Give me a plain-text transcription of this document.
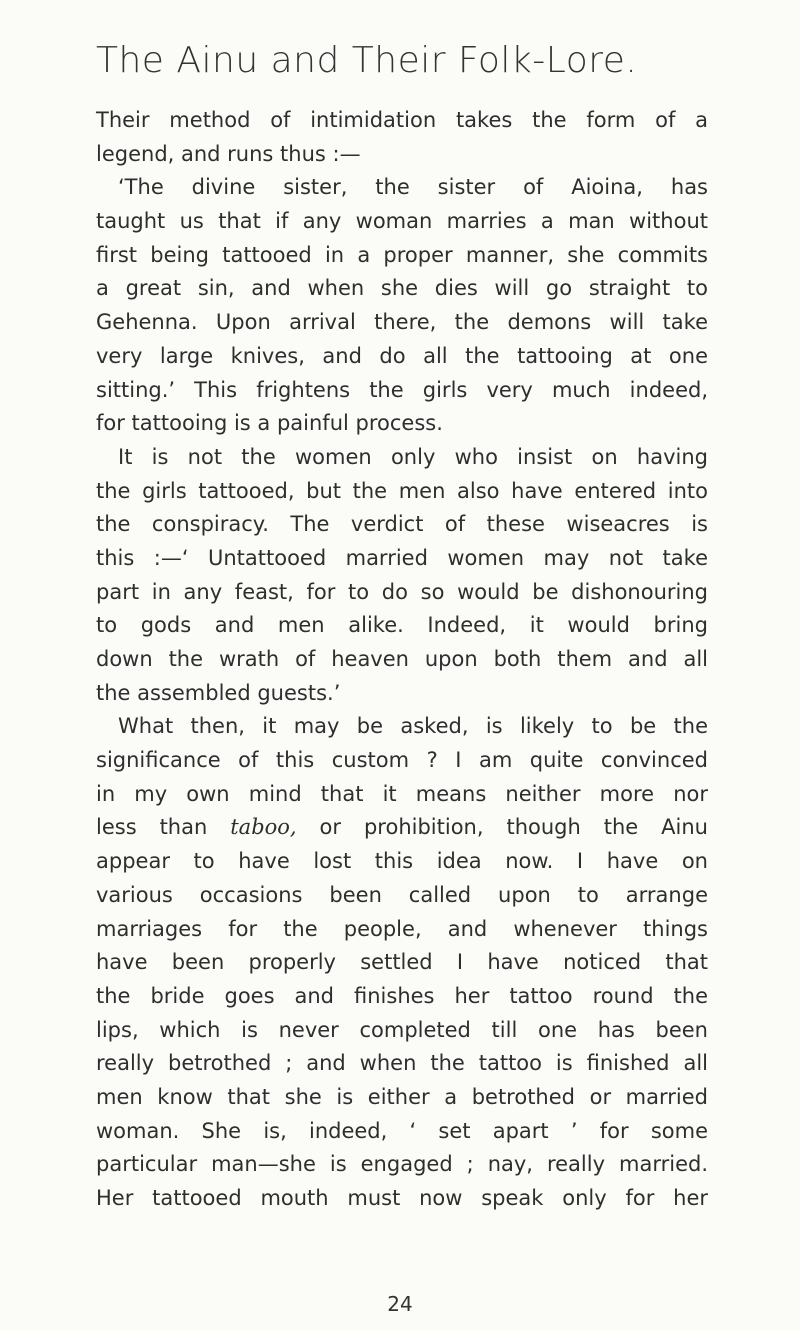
The Ainu and Their Folk-Lore.
Their method of intimidation takes the form of a
legend, and runs thus :—
‘The divine sister, the sister of Aioina, has
taught us that if any woman marries a man without
first being tattooed in a proper manner, she commits
a great sin, and when she dies will go straight to
Gehenna. Upon arrival there, the demons will take
very large knives, and do all the tattooing at one
sitting.’ This frightens the girls very much indeed,
for tattooing is a painful process.
It is not the women only who insist on having
the girls tattooed, but the men also have entered into
the conspiracy. The verdict of these wiseacres is
this :—‘ Untattooed married women may not take
part in any feast, for to do so would be dishonouring
to gods and men alike. Indeed, it would bring
down the wrath of heaven upon both them and all
the assembled guests.’
What then, it may be asked, is likely to be the
significance of this custom ? I am quite convinced
in my own mind that it means neither more nor
less than taboo, or prohibition, though the Ainu
appear to have lost this idea now. I have on
various occasions been called upon to arrange
marriages for the people, and whenever things
have been properly settled I have noticed that
the bride goes and finishes her tattoo round the
lips, which is never completed till one has been
really betrothed ; and when the tattoo is finished all
men know that she is either a betrothed or married
woman. She is, indeed, ‘ set apart ’ for some
particular man—she is engaged ; nay, really married.
Her tattooed mouth must now speak only for her
24
